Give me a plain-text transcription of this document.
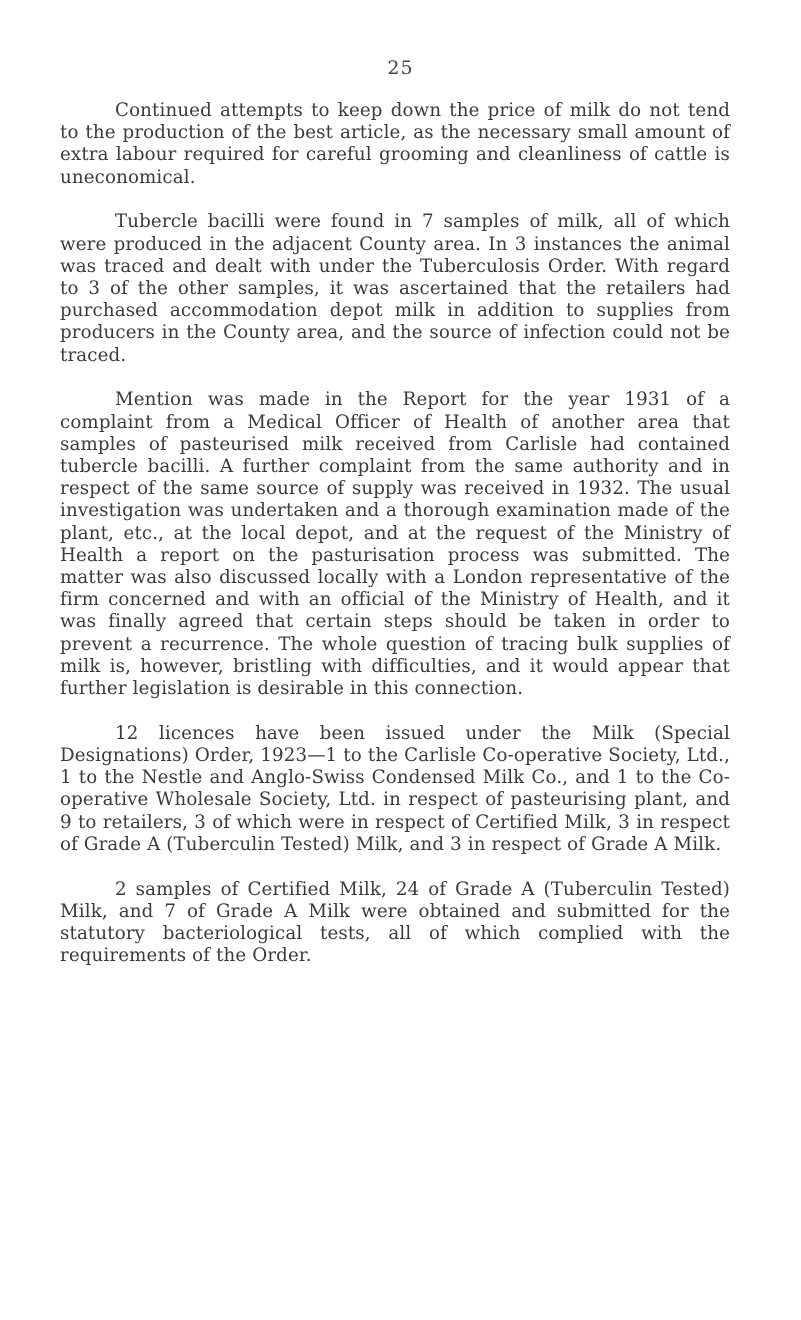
25

Continued attempts to keep down the price of milk do not tend to the production of the best article, as the necessary small amount of extra labour required for careful grooming and cleanliness of cattle is uneconomical.

Tubercle bacilli were found in 7 samples of milk, all of which were produced in the adjacent County area. In 3 instances the animal was traced and dealt with under the Tuberculosis Order. With regard to 3 of the other samples, it was ascertained that the retailers had purchased accommodation depot milk in addition to supplies from producers in the County area, and the source of infection could not be traced.

Mention was made in the Report for the year 1931 of a complaint from a Medical Officer of Health of another area that samples of pasteurised milk received from Carlisle had contained tubercle bacilli. A further complaint from the same authority and in respect of the same source of supply was received in 1932. The usual investigation was undertaken and a thorough examination made of the plant, etc., at the local depot, and at the request of the Ministry of Health a report on the pasturisation process was submitted. The matter was also discussed locally with a London representative of the firm concerned and with an official of the Ministry of Health, and it was finally agreed that certain steps should be taken in order to prevent a recurrence. The whole question of tracing bulk supplies of milk is, however, bristling with difficulties, and it would appear that further legislation is desirable in this connection.

12 licences have been issued under the Milk (Special Designations) Order, 1923—1 to the Carlisle Co-operative Society, Ltd., 1 to the Nestle and Anglo-Swiss Condensed Milk Co., and 1 to the Co-operative Wholesale Society, Ltd. in respect of pasteurising plant, and 9 to retailers, 3 of which were in respect of Certified Milk, 3 in respect of Grade A (Tuberculin Tested) Milk, and 3 in respect of Grade A Milk.

2 samples of Certified Milk, 24 of Grade A (Tuberculin Tested) Milk, and 7 of Grade A Milk were obtained and submitted for the statutory bacteriological tests, all of which complied with the requirements of the Order.
